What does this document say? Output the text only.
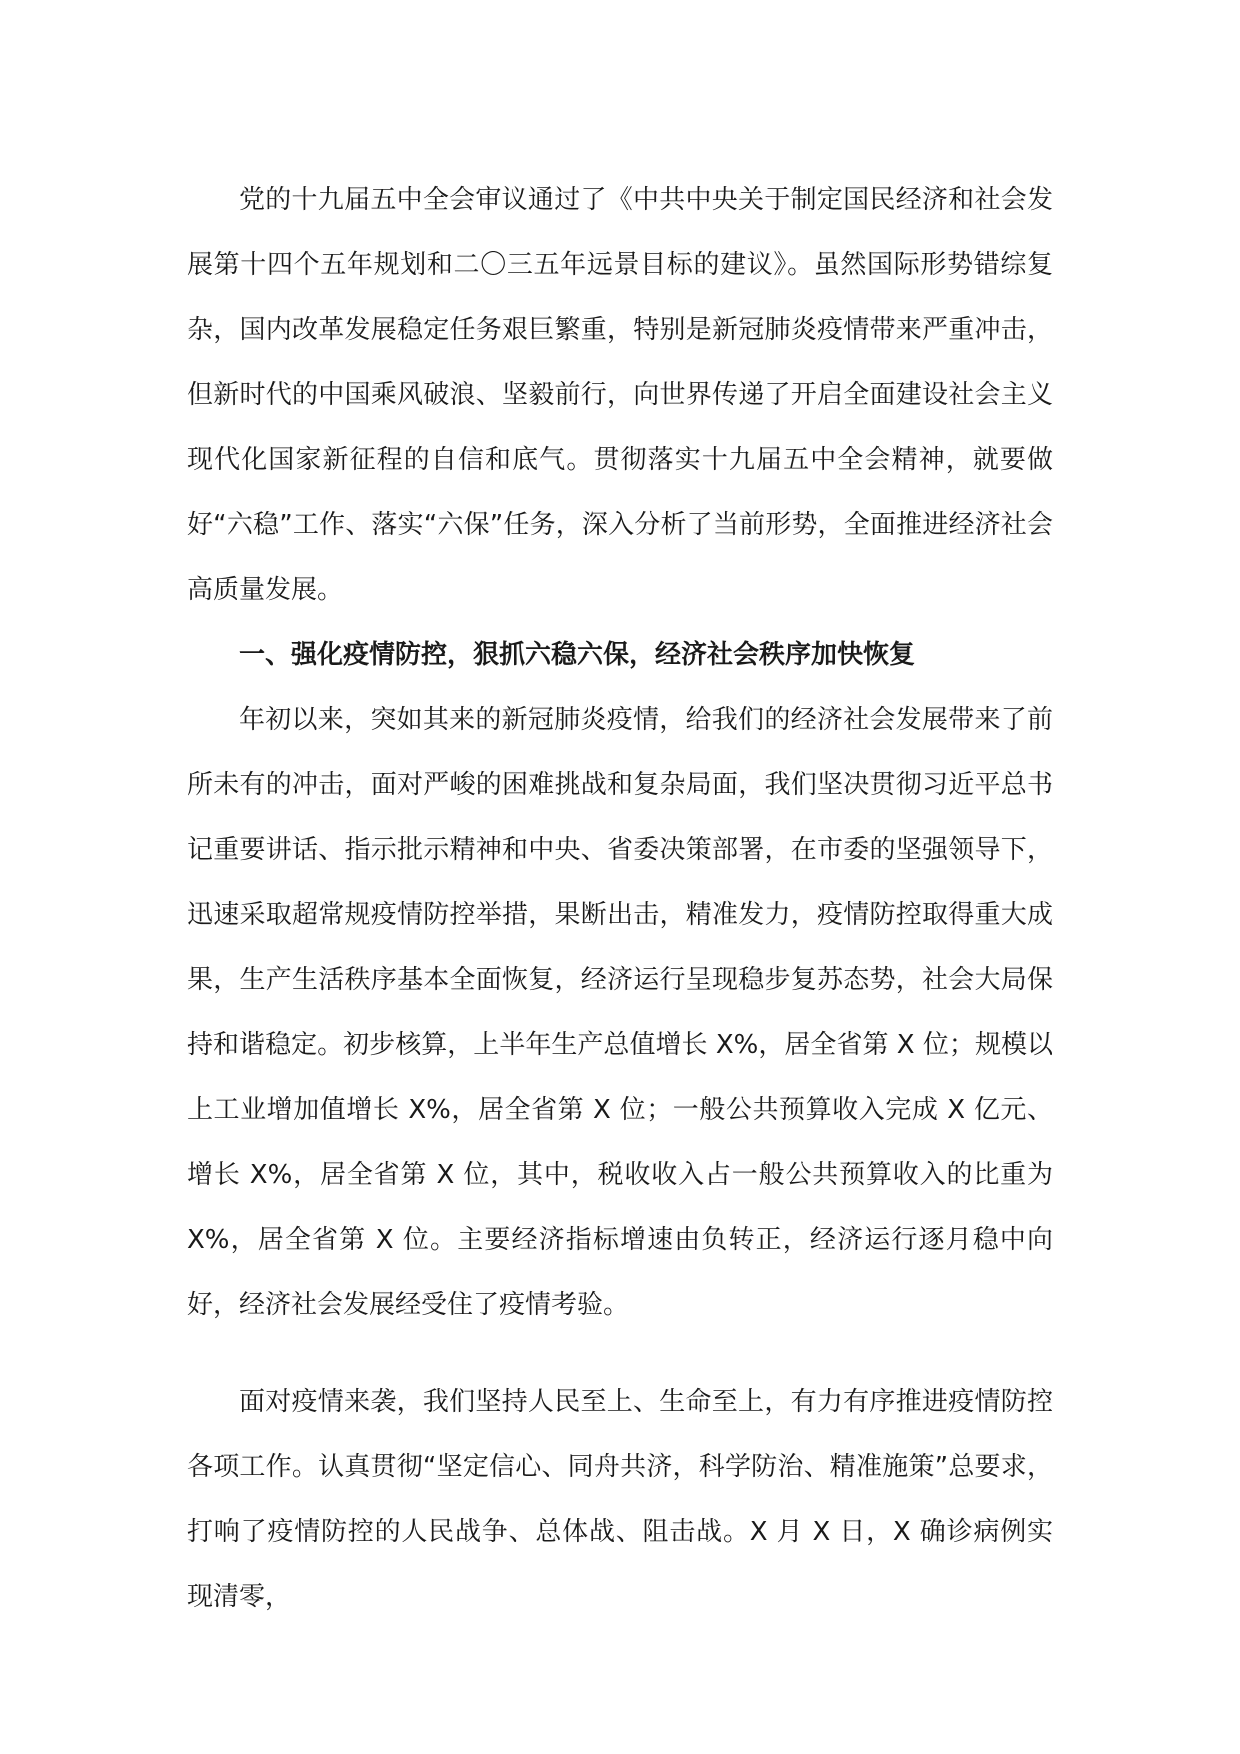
党的十九届五中全会审议通过了《中共中央关于制定国民经济和社会发展第十四个五年规划和二〇三五年远景目标的建议》。虽然国际形势错综复杂，国内改革发展稳定任务艰巨繁重，特别是新冠肺炎疫情带来严重冲击，但新时代的中国乘风破浪、坚毅前行，向世界传递了开启全面建设社会主义现代化国家新征程的自信和底气。贯彻落实十九届五中全会精神，就要做好“六稳”工作、落实“六保”任务，深入分析了当前形势，全面推进经济社会高质量发展。

一、强化疫情防控，狠抓六稳六保，经济社会秩序加快恢复

年初以来，突如其来的新冠肺炎疫情，给我们的经济社会发展带来了前所未有的冲击，面对严峻的困难挑战和复杂局面，我们坚决贯彻习近平总书记重要讲话、指示批示精神和中央、省委决策部署，在市委的坚强领导下，迅速采取超常规疫情防控举措，果断出击，精准发力，疫情防控取得重大成果，生产生活秩序基本全面恢复，经济运行呈现稳步复苏态势，社会大局保持和谐稳定。初步核算，上半年生产总值增长 X%，居全省第 X 位；规模以上工业增加值增长 X%，居全省第 X 位；一般公共预算收入完成 X 亿元、增长 X%，居全省第 X 位，其中，税收收入占一般公共预算收入的比重为 X%，居全省第 X 位。主要经济指标增速由负转正，经济运行逐月稳中向好，经济社会发展经受住了疫情考验。

面对疫情来袭，我们坚持人民至上、生命至上，有力有序推进疫情防控各项工作。认真贯彻“坚定信心、同舟共济，科学防治、精准施策”总要求，打响了疫情防控的人民战争、总体战、阻击战。X 月 X 日，X 确诊病例实现清零，
